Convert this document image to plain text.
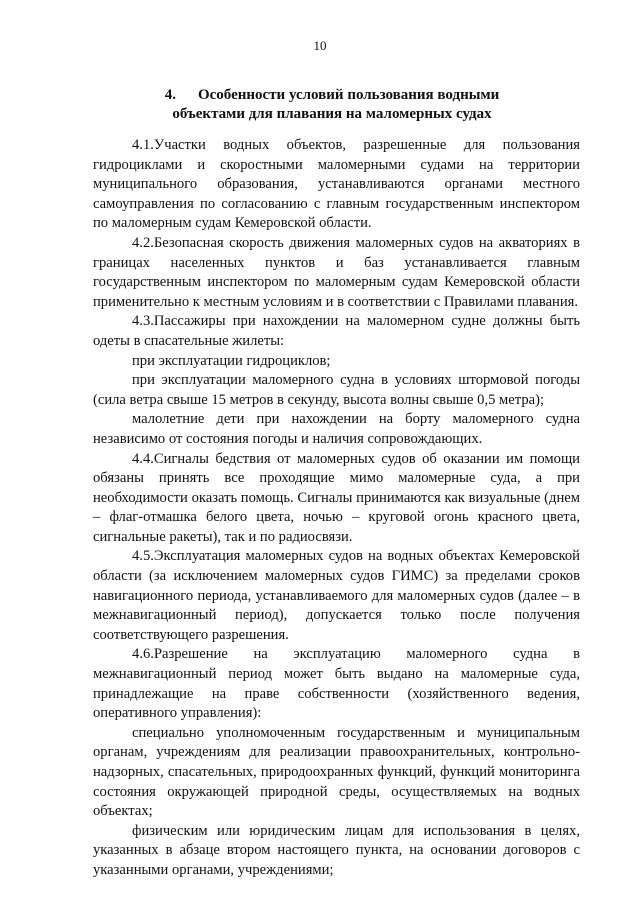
10
4. Особенности условий пользования водными
объектами для плавания на маломерных судах

4.1.Участки водных объектов, разрешенные для пользования гидроциклами и скоростными маломерными судами на территории муниципального образования, устанавливаются органами местного самоуправления по согласованию с главным государственным инспектором по маломерным судам Кемеровской области.

4.2.Безопасная скорость движения маломерных судов на акваториях в границах населенных пунктов и баз устанавливается главным государственным инспектором по маломерным судам Кемеровской области применительно к местным условиям и в соответствии с Правилами плавания.

4.3.Пассажиры при нахождении на маломерном судне должны быть одеты в спасательные жилеты:

при эксплуатации гидроциклов;

при эксплуатации маломерного судна в условиях штормовой погоды (сила ветра свыше 15 метров в секунду, высота волны свыше 0,5 метра);

малолетние дети при нахождении на борту маломерного судна независимо от состояния погоды и наличия сопровождающих.

4.4.Сигналы бедствия от маломерных судов об оказании им помощи обязаны принять все проходящие мимо маломерные суда, а при необходимости оказать помощь. Сигналы принимаются как визуальные (днем – флаг-отмашка белого цвета, ночью – круговой огонь красного цвета, сигнальные ракеты), так и по радиосвязи.

4.5.Эксплуатация маломерных судов на водных объектах Кемеровской области (за исключением маломерных судов ГИМС) за пределами сроков навигационного периода, устанавливаемого для маломерных судов (далее – в межнавигационный период), допускается только после получения соответствующего разрешения.

4.6.Разрешение на эксплуатацию маломерного судна в межнавигационный период может быть выдано на маломерные суда, принадлежащие на праве собственности (хозяйственного ведения, оперативного управления):

специально уполномоченным государственным и муниципальным органам, учреждениям для реализации правоохранительных, контрольно-надзорных, спасательных, природоохранных функций, функций мониторинга состояния окружающей природной среды, осуществляемых на водных объектах;

физическим или юридическим лицам для использования в целях, указанных в абзаце втором настоящего пункта, на основании договоров с указанными органами, учреждениями;
